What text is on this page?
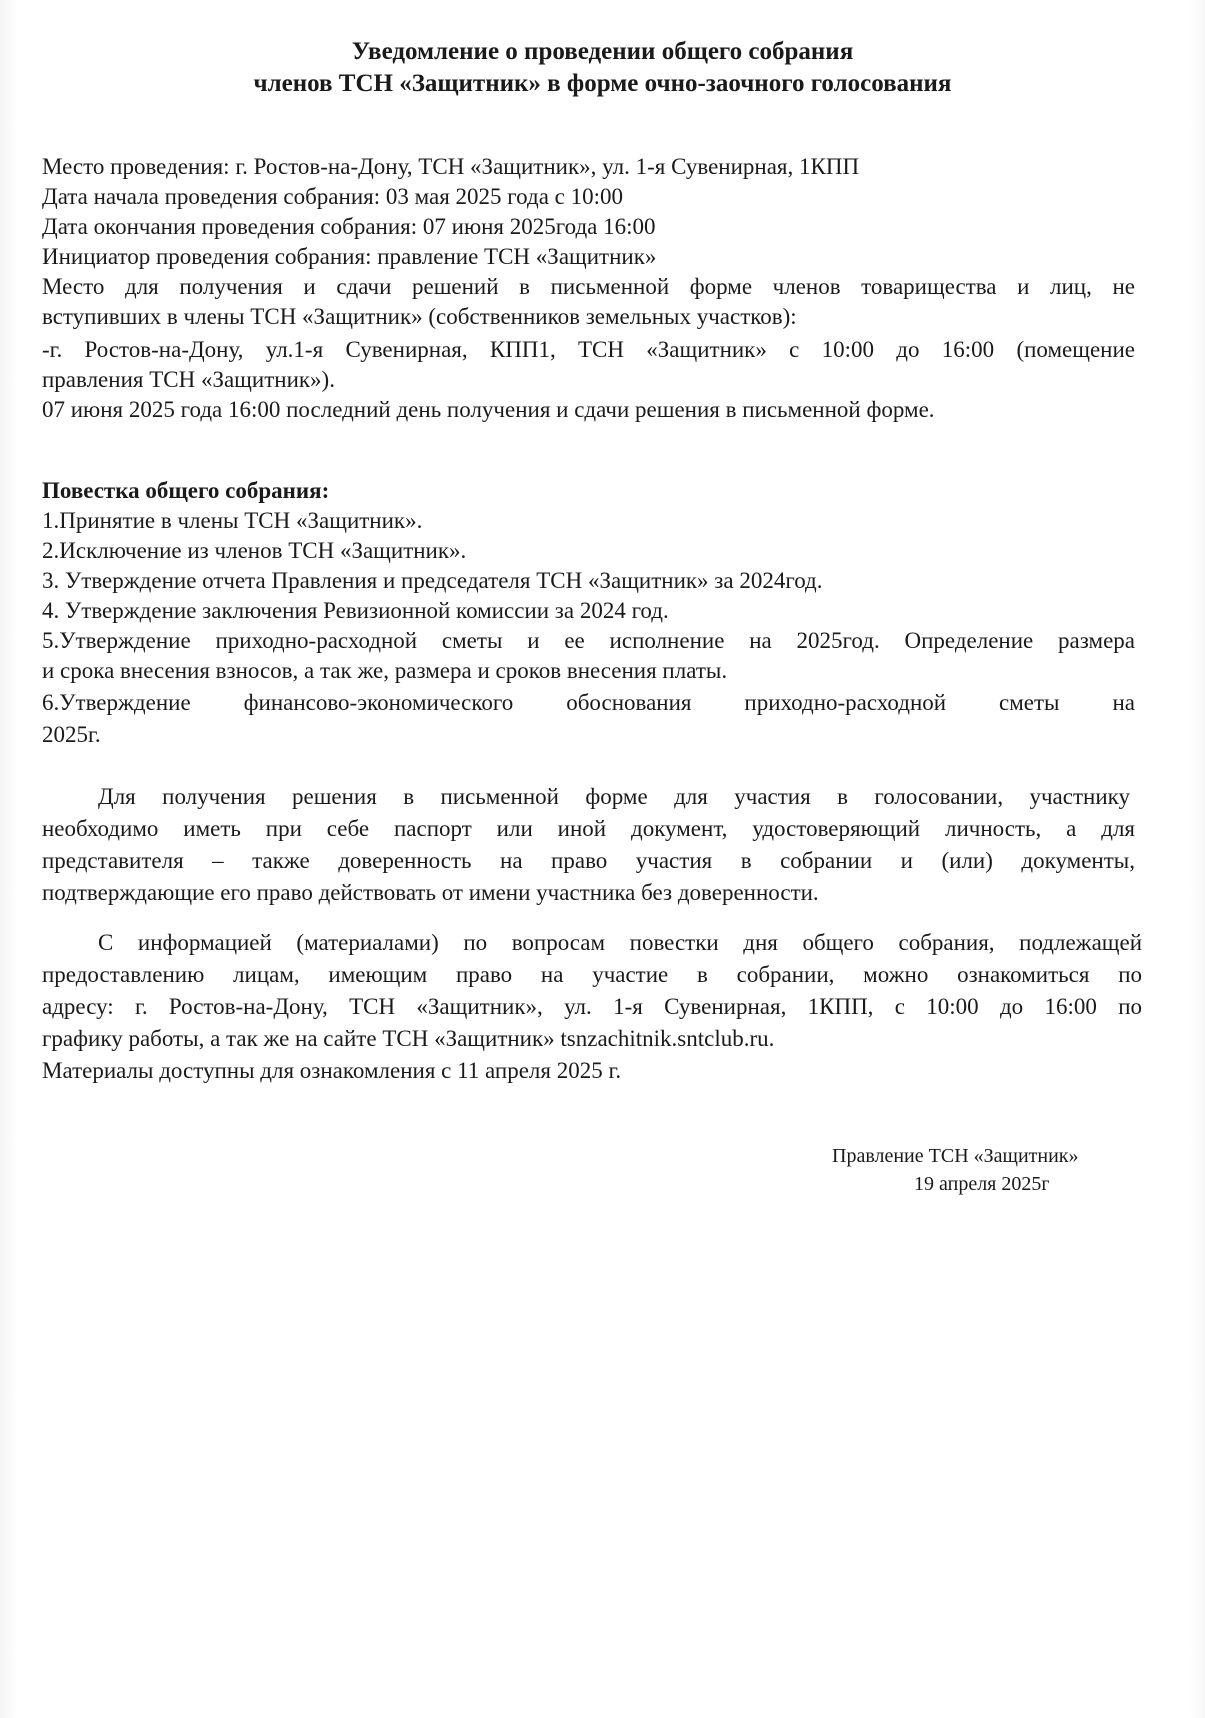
Уведомление о проведении общего собрания
членов ТСН «Защитник» в форме очно-заочного голосования
Место проведения: г. Ростов-на-Дону, ТСН «Защитник», ул. 1-я Сувенирная, 1КПП
Дата начала проведения собрания: 03 мая 2025 года с 10:00
Дата окончания проведения собрания: 07 июня 2025года 16:00
Инициатор проведения собрания: правление ТСН «Защитник»
Место для получения и сдачи решений в письменной форме членов товарищества и лиц, не
вступивших в члены ТСН «Защитник» (собственников земельных участков):
-г. Ростов-на-Дону, ул.1-я Сувенирная, КПП1, ТСН «Защитник» с 10:00 до 16:00 (помещение
правления ТСН «Защитник»).
07 июня 2025 года 16:00 последний день получения и сдачи решения в письменной форме.
Повестка общего собрания:
1.Принятие в члены ТСН «Защитник».
2.Исключение из членов ТСН «Защитник».
3. Утверждение отчета Правления и председателя ТСН «Защитник» за 2024год.
4. Утверждение заключения Ревизионной комиссии за 2024 год.
5.Утверждение приходно-расходной сметы и ее исполнение на 2025год. Определение размера
и срока внесения взносов, а так же, размера и сроков внесения платы.
6.Утверждение финансово-экономического обоснования приходно-расходной сметы на
2025г.
Для получения решения в письменной форме для участия в голосовании, участнику
необходимо иметь при себе паспорт или иной документ, удостоверяющий личность, а для
представителя – также доверенность на право участия в собрании и (или) документы,
подтверждающие его право действовать от имени участника без доверенности.
С информацией (материалами) по вопросам повестки дня общего собрания, подлежащей
предоставлению лицам, имеющим право на участие в собрании, можно ознакомиться по
адресу: г. Ростов-на-Дону, ТСН «Защитник», ул. 1-я Сувенирная, 1КПП, с 10:00 до 16:00 по
графику работы, а так же на сайте ТСН «Защитник» tsnzachitnik.sntclub.ru.
Материалы доступны для ознакомления с 11 апреля 2025 г.
Правление ТСН «Защитник»
19 апреля 2025г
